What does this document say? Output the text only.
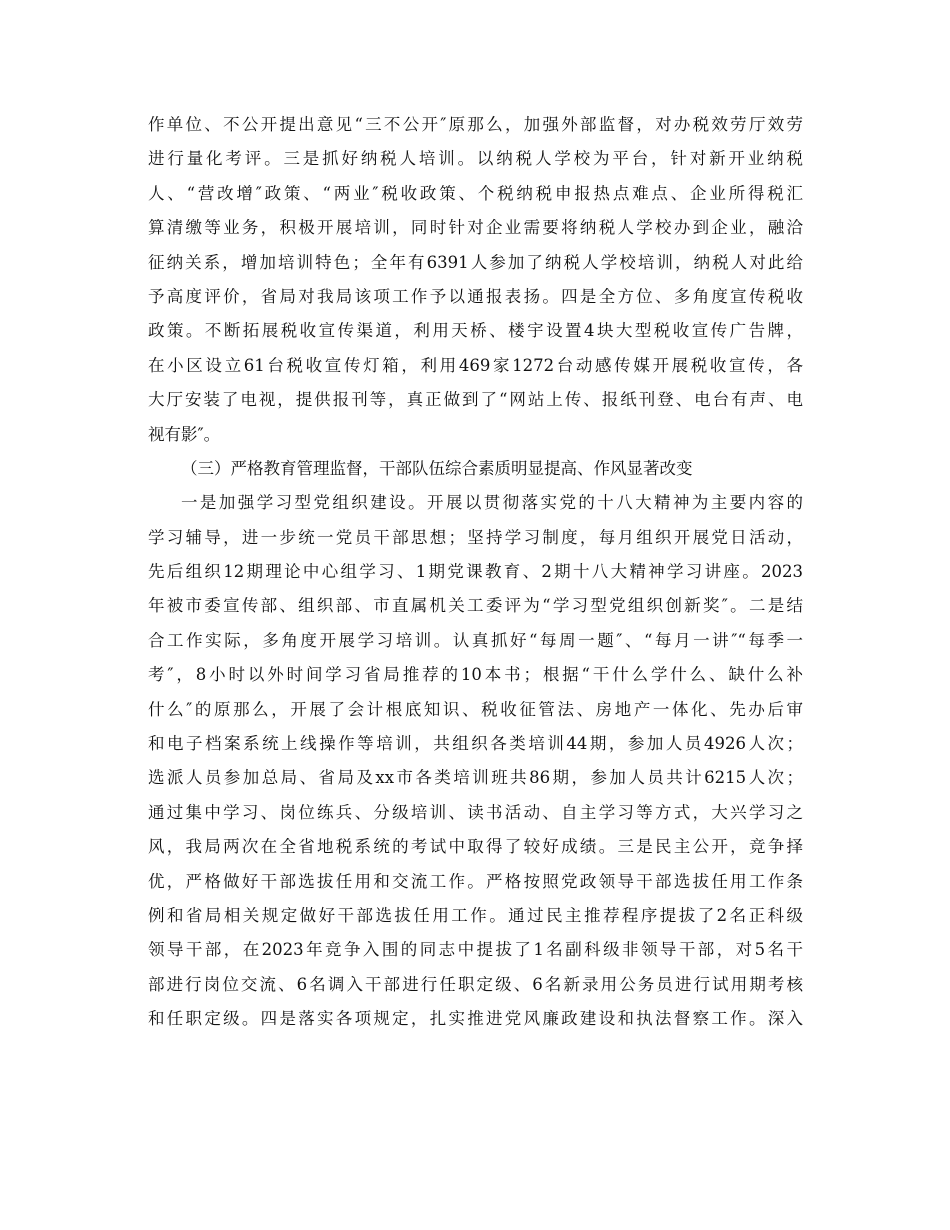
作单位、不公开提出意见“三不公开″原那么，加强外部监督，对办税效劳厅效劳
进行量化考评。三是抓好纳税人培训。以纳税人学校为平台，针对新开业纳税
人、“营改增″政策、“两业″税收政策、个税纳税申报热点难点、企业所得税汇
算清缴等业务，积极开展培训，同时针对企业需要将纳税人学校办到企业，融洽
征纳关系，增加培训特色；全年有6391人参加了纳税人学校培训，纳税人对此给
予高度评价，省局对我局该项工作予以通报表扬。四是全方位、多角度宣传税收
政策。不断拓展税收宣传渠道，利用天桥、楼宇设置4块大型税收宣传广告牌，
在小区设立61台税收宣传灯箱，利用469家1272台动感传媒开展税收宣传，各
大厅安装了电视，提供报刊等，真正做到了“网站上传、报纸刊登、电台有声、电
视有影″。
（三）严格教育管理监督，干部队伍综合素质明显提高、作风显著改变
一是加强学习型党组织建设。开展以贯彻落实党的十八大精神为主要内容的
学习辅导，进一步统一党员干部思想；坚持学习制度，每月组织开展党日活动，
先后组织12期理论中心组学习、1期党课教育、2期十八大精神学习讲座。2023
年被市委宣传部、组织部、市直属机关工委评为“学习型党组织创新奖″。二是结
合工作实际，多角度开展学习培训。认真抓好“每周一题″、“每月一讲″“每季一
考″，8小时以外时间学习省局推荐的10本书；根据“干什么学什么、缺什么补
什么″的原那么，开展了会计根底知识、税收征管法、房地产一体化、先办后审
和电子档案系统上线操作等培训，共组织各类培训44期，参加人员4926人次；
选派人员参加总局、省局及xx市各类培训班共86期，参加人员共计6215人次；
通过集中学习、岗位练兵、分级培训、读书活动、自主学习等方式，大兴学习之
风，我局两次在全省地税系统的考试中取得了较好成绩。三是民主公开，竞争择
优，严格做好干部选拔任用和交流工作。严格按照党政领导干部选拔任用工作条
例和省局相关规定做好干部选拔任用工作。通过民主推荐程序提拔了2名正科级
领导干部，在2023年竞争入围的同志中提拔了1名副科级非领导干部，对5名干
部进行岗位交流、6名调入干部进行任职定级、6名新录用公务员进行试用期考核
和任职定级。四是落实各项规定，扎实推进党风廉政建设和执法督察工作。深入
